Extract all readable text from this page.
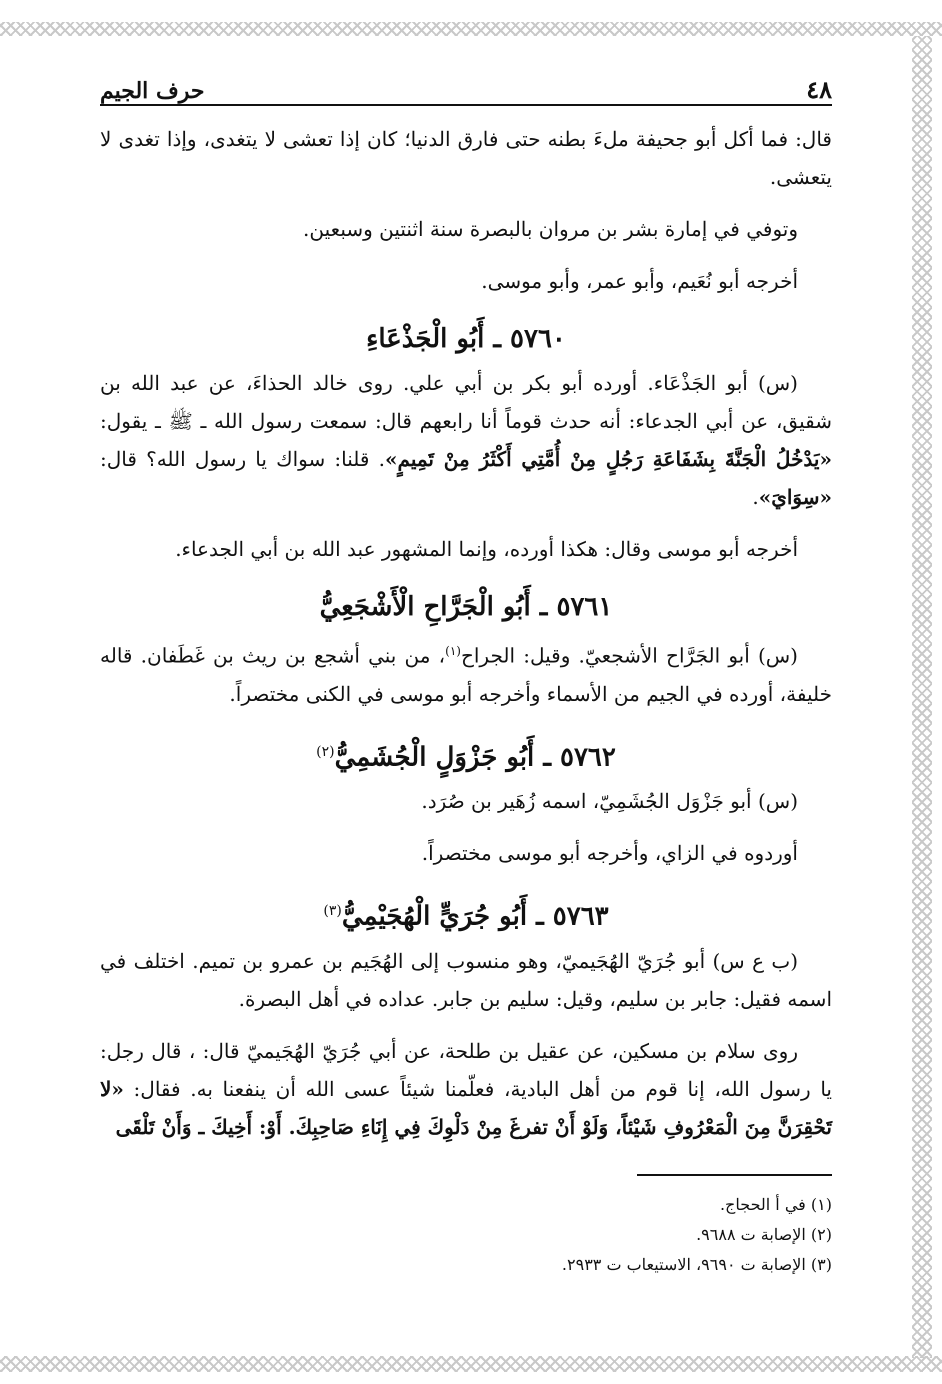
٤٨
حرف الجيم

قال: فما أكل أبو جحيفة ملءَ بطنه حتى فارق الدنيا؛ كان إذا تعشى لا يتغدى، وإذا تغدى لا يتعشى.

وتوفي في إمارة بشر بن مروان بالبصرة سنة اثنتين وسبعين.

أخرجه أبو نُعَيم، وأبو عمر، وأبو موسى.

٥٧٦٠ ـ أَبُو الْجَذْعَاءِ

(س) أبو الجَذْعَاء. أورده أبو بكر بن أبي علي. روى خالد الحذاءَ، عن عبد الله بن شقيق، عن أبي الجدعاء: أنه حدث قوماً أنا رابعهم قال: سمعت رسول الله ـ ﷺ ـ يقول: «يَدْخُلُ الْجَنَّةَ بِشَفَاعَةِ رَجُلٍ مِنْ أُمَّتِي أَكْثَرُ مِنْ تَمِيمٍ». قلنا: سواك يا رسول الله؟ قال: «سِوَايَ».

أخرجه أبو موسى وقال: هكذا أورده، وإنما المشهور عبد الله بن أبي الجدعاء.

٥٧٦١ ـ أَبُو الْجَرَّاحِ الْأَشْجَعِيُّ

(س) أبو الجَرَّاح الأشجعيّ. وقيل: الجراح$^{(١)}$، من بني أشجع بن ريث بن غَطَفان. قاله خليفة، أورده في الجيم من الأسماء وأخرجه أبو موسى في الكنى مختصراً.

٥٧٦٢ ـ أَبُو جَزْوَلٍ الْجُشَمِيُّ$^{(٢)}$

(س) أبو جَزْوَل الجُشَمِيّ، اسمه زُهَير بن صُرَد.

أوردوه في الزاي، وأخرجه أبو موسى مختصراً.

٥٧٦٣ ـ أَبُو جُرَيٍّ الْهُجَيْمِيُّ$^{(٣)}$

(ب ع س) أبو جُرَيّ الهُجَيميّ، وهو منسوب إلى الهُجَيم بن عمرو بن تميم. اختلف في اسمه فقيل: جابر بن سليم، وقيل: سليم بن جابر. عداده في أهل البصرة.

روى سلام بن مسكين، عن عقيل بن طلحة، عن أبي جُرَيّ الهُجَيميّ قال: ، قال رجل: يا رسول الله، إنا قوم من أهل البادية، فعلّمنا شيئاً عسى الله أن ينفعنا به. فقال: «لا تَحْقِرَنَّ مِنَ الْمَعْرُوفِ شَيْئاً، وَلَوْ أَنْ تفرغَ مِنْ دَلْوِكَ فِي إِنَاءِ صَاحِبِكَ. أَوْ: أَخِيكَ ـ وَأَنْ تَلْقَى

(١) في أ الحجاج.
(٢) الإصابة ت ٩٦٨٨.
(٣) الإصابة ت ٩٦٩٠، الاستيعاب ت ٢٩٣٣.
